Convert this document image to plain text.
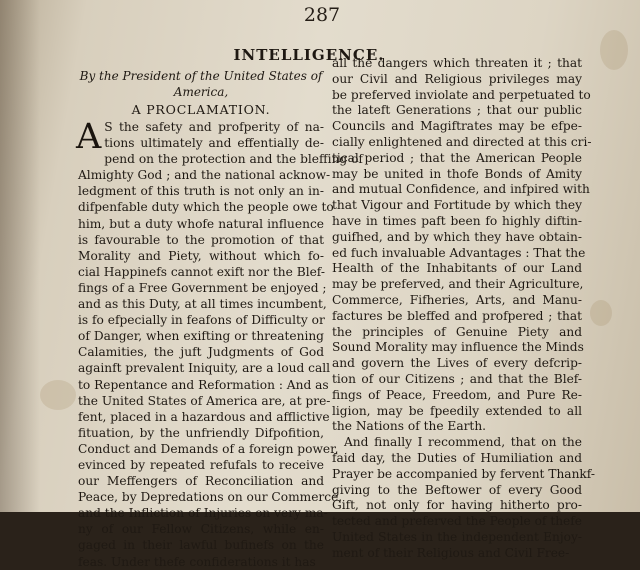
287
INTELLIGENCE.
By the President of the United States of
America,
A PROCLAMATION.
A S the safety and profperity of na-
tions ultimately and effentially de-
pend on the protection and the bleffing of
Almighty God ; and the national acknow-
ledgment of this truth is not only an in-
difpenfable duty which the people owe to
him, but a duty whofe natural influence
is favourable to the promotion of that
Morality and Piety, without which fo-
cial Happinefs cannot exift nor the Blef-
fings of a Free Government be enjoyed ;
and as this Duty, at all times incumbent,
is fo efpecially in feafons of Difficulty or
of Danger, when exifting or threatening
Calamities, the juft Judgments of God
againft prevalent Iniquity, are a loud call
to Repentance and Reformation : And as
the United States of America are, at pre-
fent, placed in a hazardous and afflictive
fituation, by the unfriendly Difpofition,
Conduct and Demands of a foreign power,
evinced by repeated refufals to receive
our Meffengers of Reconciliation and
Peace, by Depredations on our Commerce,
and the Infliction of Injuries on very ma-
ny of our Fellow Citizens, while en-
gaged in their lawful bufinefs on the
feas. Under thefe confiderations it has
all the dangers which threaten it ; that
our Civil and Religious privileges may
be preferved inviolate and perpetuated to
the lateft Generations ; that our public
Councils and Magiftrates may be efpe-
cially enlightened and directed at this cri-
tical period ; that the American People
may be united in thofe Bonds of Amity
and mutual Confidence, and infpired with
that Vigour and Fortitude by which they
have in times paft been fo highly diftin-
guifhed, and by which they have obtain-
ed fuch invaluable Advantages : That the
Health of the Inhabitants of our Land
may be preferved, and their Agriculture,
Commerce, Fifheries, Arts, and Manu-
factures be bleffed and profpered ; that
the principles of Genuine Piety and
Sound Morality may influence the Minds
and govern the Lives of every defcrip-
tion of our Citizens ; and that the Blef-
fings of Peace, Freedom, and Pure Re-
ligion, may be fpeedily extended to all
the Nations of the Earth.
And finally I recommend, that on the
faid day, the Duties of Humiliation and
Prayer be accompanied by fervent Thankf-
giving to the Beftower of every Good
Gift, not only for having hitherto pro-
tected and preferved the People of thefe
United States in the independent Enjoy-
ment of their Religious and Civil Free-
